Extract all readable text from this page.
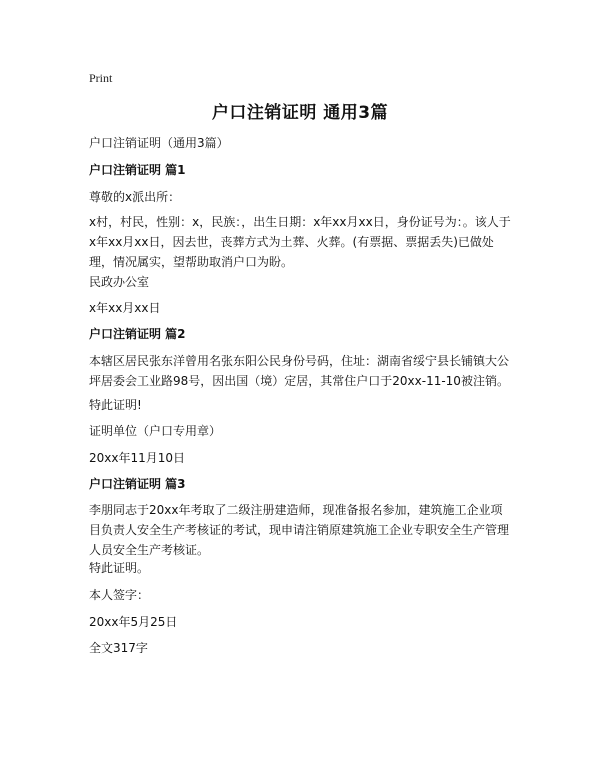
Print
户口注销证明 通用3篇
户口注销证明（通用3篇）
户口注销证明 篇1
尊敬的x派出所：
x村，村民，性别：x，民族：，出生日期：x年xx月xx日，身份证号为：。该人于x年xx月xx日，因去世，丧葬方式为土葬、火葬。(有票据、票据丢失)已做处理，情况属实，望帮助取消户口为盼。
民政办公室
x年xx月xx日
户口注销证明 篇2
本辖区居民张东洋曾用名张东阳公民身份号码，住址：湖南省绥宁县长铺镇大公坪居委会工业路98号，因出国（境）定居，其常住户口于20xx-11-10被注销。
特此证明!
证明单位（户口专用章）
20xx年11月10日
户口注销证明 篇3
李朋同志于20xx年考取了二级注册建造师，现准备报名参加，建筑施工企业项目负责人安全生产考核证的考试，现申请注销原建筑施工企业专职安全生产管理人员安全生产考核证。
特此证明。
本人签字：
20xx年5月25日
全文317字
